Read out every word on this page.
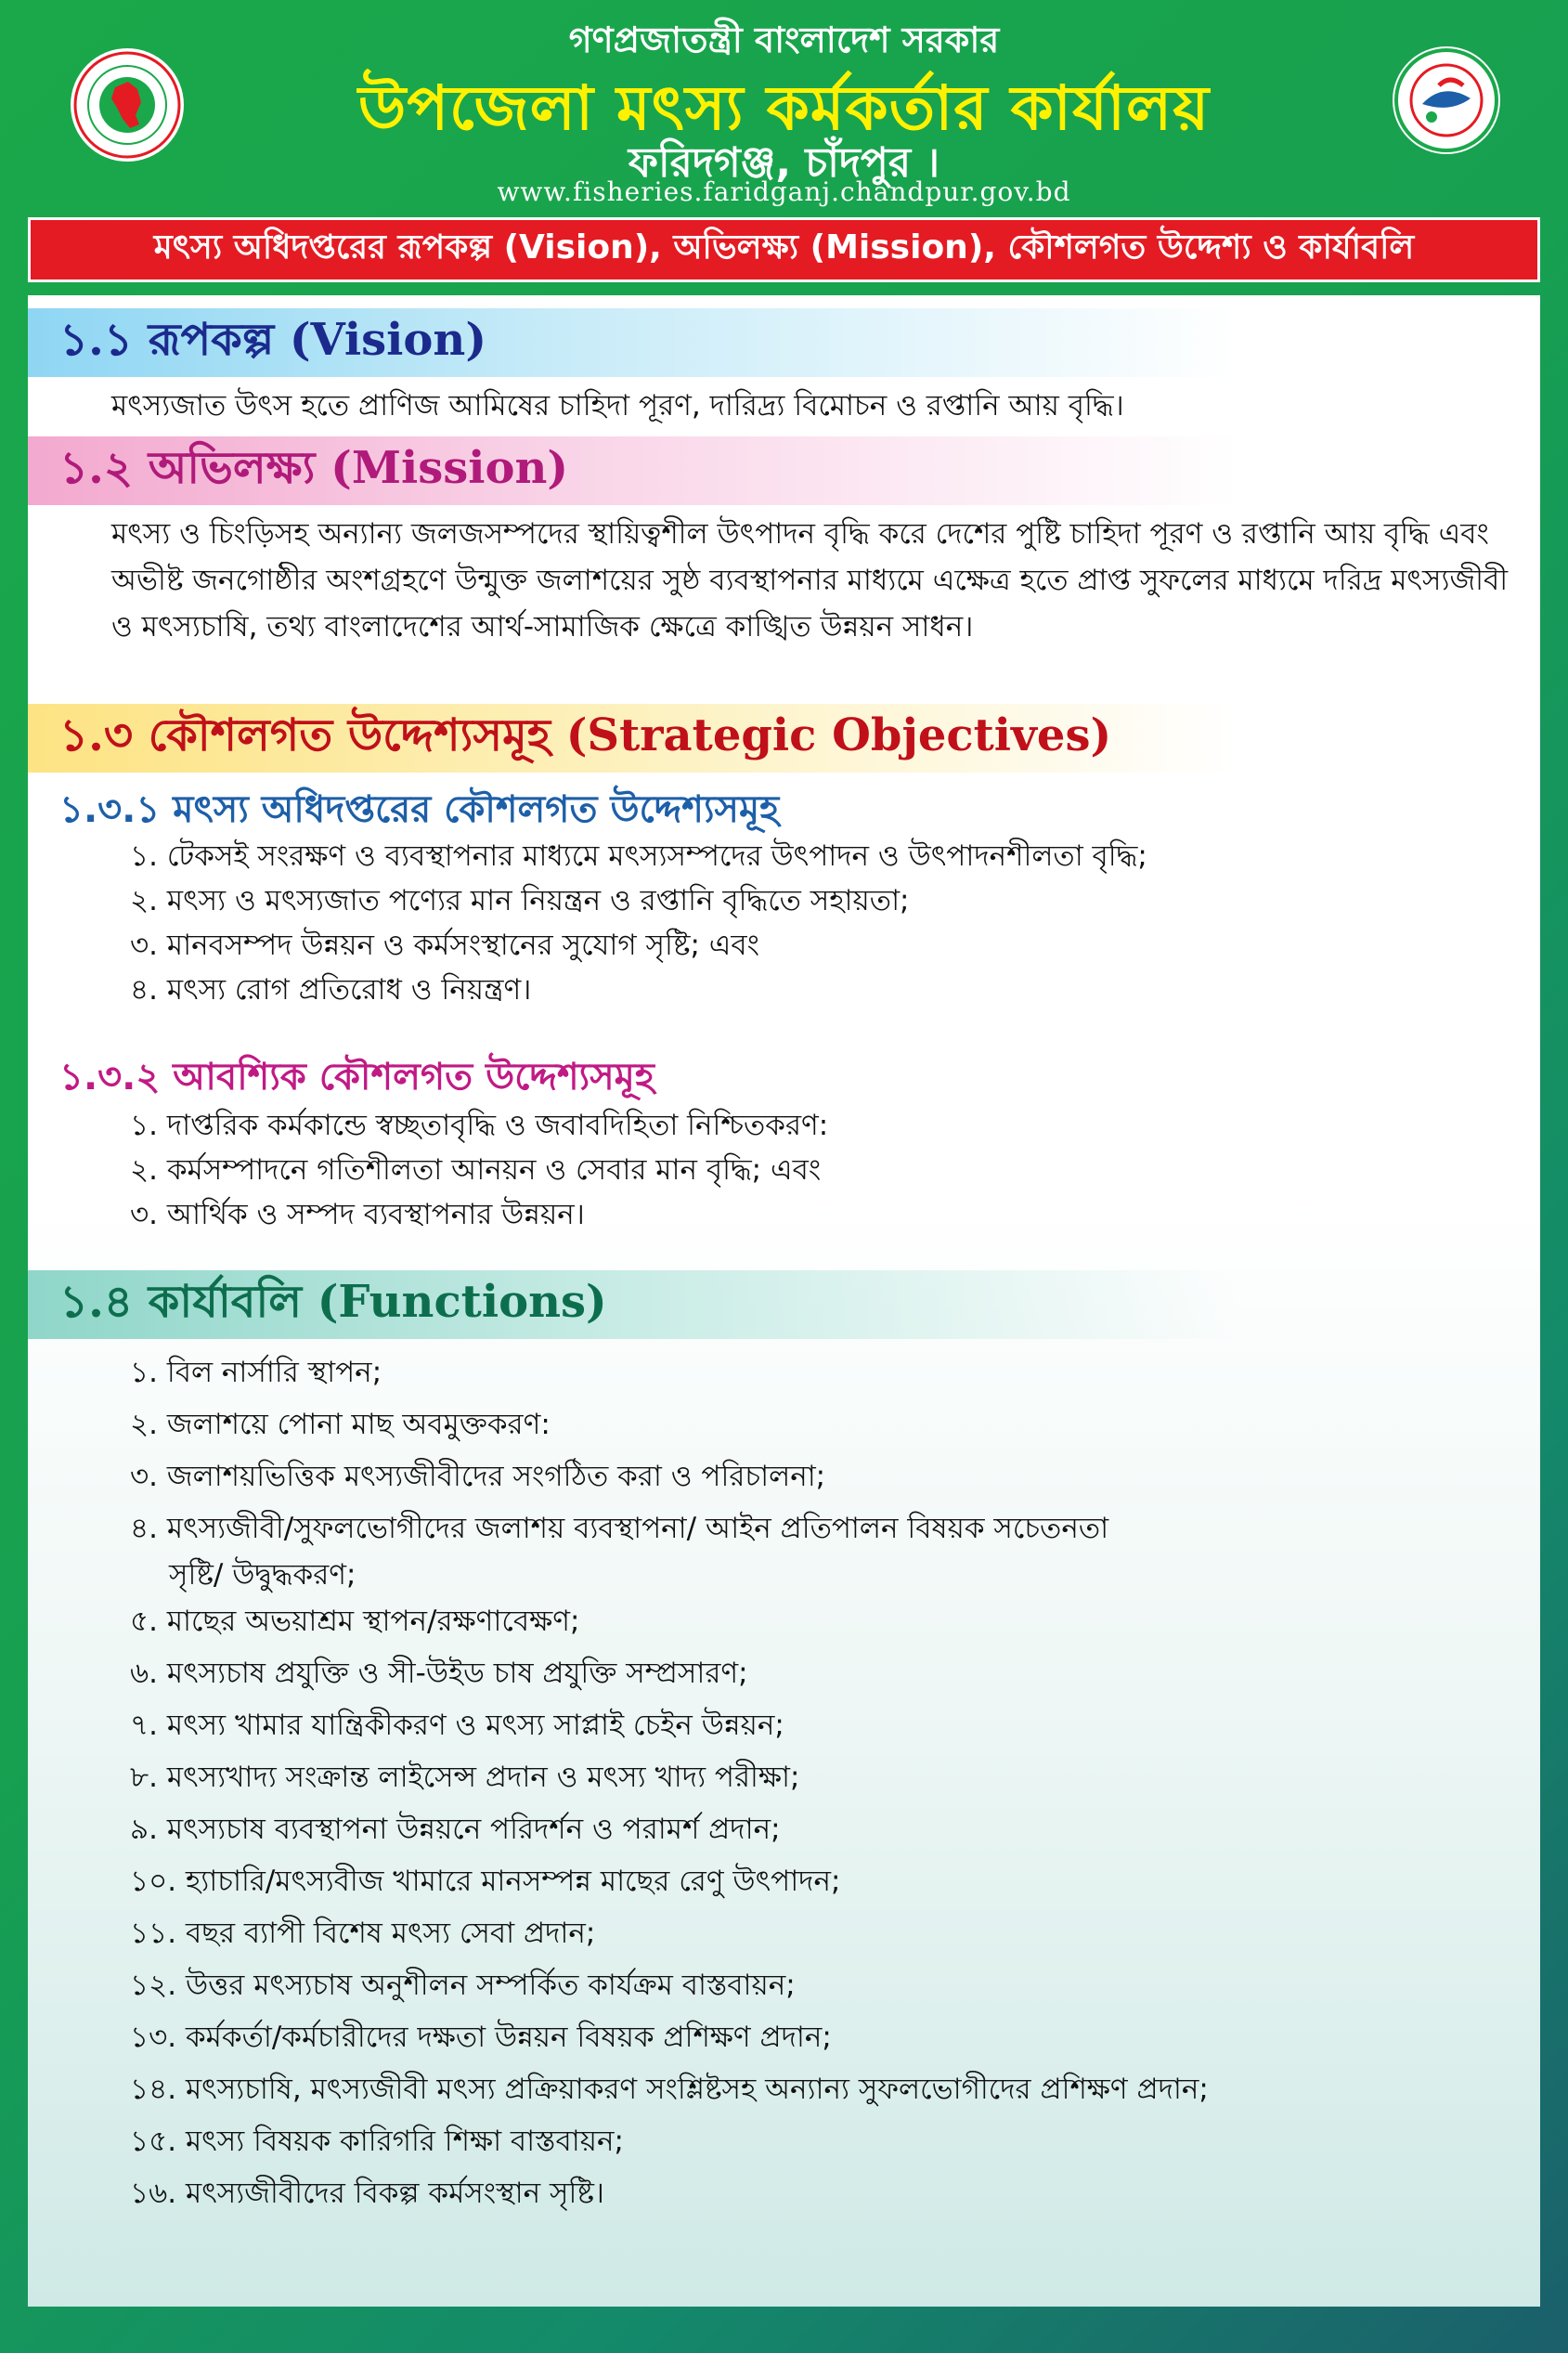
গণপ্রজাতন্ত্রী বাংলাদেশ সরকার
উপজেলা মৎস্য কর্মকর্তার কার্যালয়
ফরিদগঞ্জ, চাঁদপুর ।
www.fisheries.faridganj.chandpur.gov.bd
মৎস্য অধিদপ্তরের রূপকল্প (Vision), অভিলক্ষ্য (Mission), কৌশলগত উদ্দেশ্য ও কার্যাবলি
১.১ রূপকল্প (Vision)
মৎস্যজাত উৎস হতে প্রাণিজ আমিষের চাহিদা পূরণ, দারিদ্র্য বিমোচন ও রপ্তানি আয় বৃদ্ধি।
১.২ অভিলক্ষ্য (Mission)
মৎস্য ও চিংড়িসহ অন্যান্য জলজসম্পদের স্থায়িত্বশীল উৎপাদন বৃদ্ধি করে দেশের পুষ্টি চাহিদা পূরণ ও রপ্তানি আয় বৃদ্ধি এবং অভীষ্ট জনগোষ্ঠীর অংশগ্রহণে উন্মুক্ত জলাশয়ের সুষ্ঠ ব্যবস্থাপনার মাধ্যমে এক্ষেত্র হতে প্রাপ্ত সুফলের মাধ্যমে দরিদ্র মৎস্যজীবী ও মৎস্যচাষি, তথ্য বাংলাদেশের আর্থ-সামাজিক ক্ষেত্রে কাঙ্খিত উন্নয়ন সাধন।
১.৩ কৌশলগত উদ্দেশ্যসমূহ (Strategic Objectives)
১.৩.১ মৎস্য অধিদপ্তরের কৌশলগত উদ্দেশ্যসমূহ
১. টেকসই সংরক্ষণ ও ব্যবস্থাপনার মাধ্যমে মৎস্যসম্পদের উৎপাদন ও উৎপাদনশীলতা বৃদ্ধি;
২. মৎস্য ও মৎস্যজাত পণ্যের মান নিয়ন্ত্রন ও রপ্তানি বৃদ্ধিতে সহায়তা;
৩. মানবসম্পদ উন্নয়ন ও কর্মসংস্থানের সুযোগ সৃষ্টি; এবং
৪. মৎস্য রোগ প্রতিরোধ ও নিয়ন্ত্রণ।
১.৩.২ আবশ্যিক কৌশলগত উদ্দেশ্যসমূহ
১. দাপ্তরিক কর্মকান্ডে স্বচ্ছতাবৃদ্ধি ও জবাবদিহিতা নিশ্চিতকরণ:
২. কর্মসম্পাদনে গতিশীলতা আনয়ন ও সেবার মান বৃদ্ধি; এবং
৩. আর্থিক ও সম্পদ ব্যবস্থাপনার উন্নয়ন।
১.৪ কার্যাবলি (Functions)
১. বিল নার্সারি স্থাপন;
২. জলাশয়ে পোনা মাছ অবমুক্তকরণ:
৩. জলাশয়ভিত্তিক মৎস্যজীবীদের সংগঠিত করা ও পরিচালনা;
৪. মৎস্যজীবী/সুফলভোগীদের জলাশয় ব্যবস্থাপনা/ আইন প্রতিপালন বিষয়ক সচেতনতা
সৃষ্টি/ উদ্বুদ্ধকরণ;
৫. মাছের অভয়াশ্রম স্থাপন/রক্ষণাবেক্ষণ;
৬. মৎস্যচাষ প্রযুক্তি ও সী-উইড চাষ প্রযুক্তি সম্প্রসারণ;
৭. মৎস্য খামার যান্ত্রিকীকরণ ও মৎস্য সাপ্লাই চেইন উন্নয়ন;
৮. মৎস্যখাদ্য সংক্রান্ত লাইসেন্স প্রদান ও মৎস্য খাদ্য পরীক্ষা;
৯. মৎস্যচাষ ব্যবস্থাপনা উন্নয়নে পরিদর্শন ও পরামর্শ প্রদান;
১০. হ্যাচারি/মৎস্যবীজ খামারে মানসম্পন্ন মাছের রেণু উৎপাদন;
১১. বছর ব্যাপী বিশেষ মৎস্য সেবা প্রদান;
১২. উত্তর মৎস্যচাষ অনুশীলন সম্পর্কিত কার্যক্রম বাস্তবায়ন;
১৩. কর্মকর্তা/কর্মচারীদের দক্ষতা উন্নয়ন বিষয়ক প্রশিক্ষণ প্রদান;
১৪. মৎস্যচাষি, মৎস্যজীবী মৎস্য প্রক্রিয়াকরণ সংশ্লিষ্টসহ অন্যান্য সুফলভোগীদের প্রশিক্ষণ প্রদান;
১৫. মৎস্য বিষয়ক কারিগরি শিক্ষা বাস্তবায়ন;
১৬. মৎস্যজীবীদের বিকল্প কর্মসংস্থান সৃষ্টি।
